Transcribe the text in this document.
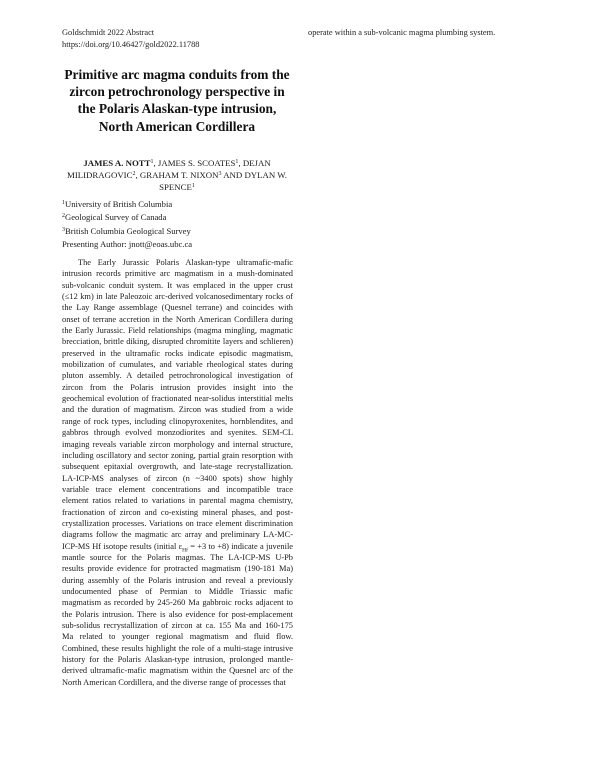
Goldschmidt 2022 Abstract
https://doi.org/10.46427/gold2022.11788
operate within a sub-volcanic magma plumbing system.
Primitive arc magma conduits from the zircon petrochronology perspective in the Polaris Alaskan-type intrusion, North American Cordillera
JAMES A. NOTT$^1$, JAMES S. SCOATES$^1$, DEJAN MILIDRAGOVIC$^2$, GRAHAM T. NIXON$^3$ AND DYLAN W. SPENCE$^1$
$^1$University of British Columbia
$^2$Geological Survey of Canada
$^3$British Columbia Geological Survey
Presenting Author: jnott@eoas.ubc.ca

The Early Jurassic Polaris Alaskan-type ultramafic-mafic intrusion records primitive arc magmatism in a mush-dominated sub-volcanic conduit system. It was emplaced in the upper crust (≤12 km) in late Paleozoic arc-derived volcanosedimentary rocks of the Lay Range assemblage (Quesnel terrane) and coincides with onset of terrane accretion in the North American Cordillera during the Early Jurassic. Field relationships (magma mingling, magmatic brecciation, brittle diking, disrupted chromitite layers and schlieren) preserved in the ultramafic rocks indicate episodic magmatism, mobilization of cumulates, and variable rheological states during pluton assembly. A detailed petrochronological investigation of zircon from the Polaris intrusion provides insight into the geochemical evolution of fractionated near-solidus interstitial melts and the duration of magmatism. Zircon was studied from a wide range of rock types, including clinopyroxenites, hornblendites, and gabbros through evolved monzodiorites and syenites. SEM-CL imaging reveals variable zircon morphology and internal structure, including oscillatory and sector zoning, partial grain resorption with subsequent epitaxial overgrowth, and late-stage recrystallization. LA-ICP-MS analyses of zircon (n ~3400 spots) show highly variable trace element concentrations and incompatible trace element ratios related to variations in parental magma chemistry, fractionation of zircon and co-existing mineral phases, and post-crystallization processes. Variations on trace element discrimination diagrams follow the magmatic arc array and preliminary LA-MC-ICP-MS Hf isotope results (initial $\varepsilon_{Hf} = +3$ to +8) indicate a juvenile mantle source for the Polaris magmas. The LA-ICP-MS U-Pb results provide evidence for protracted magmatism (190-181 Ma) during assembly of the Polaris intrusion and reveal a previously undocumented phase of Permian to Middle Triassic mafic magmatism as recorded by 245-260 Ma gabbroic rocks adjacent to the Polaris intrusion. There is also evidence for post-emplacement sub-solidus recrystallization of zircon at ca. 155 Ma and 160-175 Ma related to younger regional magmatism and fluid flow. Combined, these results highlight the role of a multi-stage intrusive history for the Polaris Alaskan-type intrusion, prolonged mantle-derived ultramafic-mafic magmatism within the Quesnel arc of the North American Cordillera, and the diverse range of processes that
